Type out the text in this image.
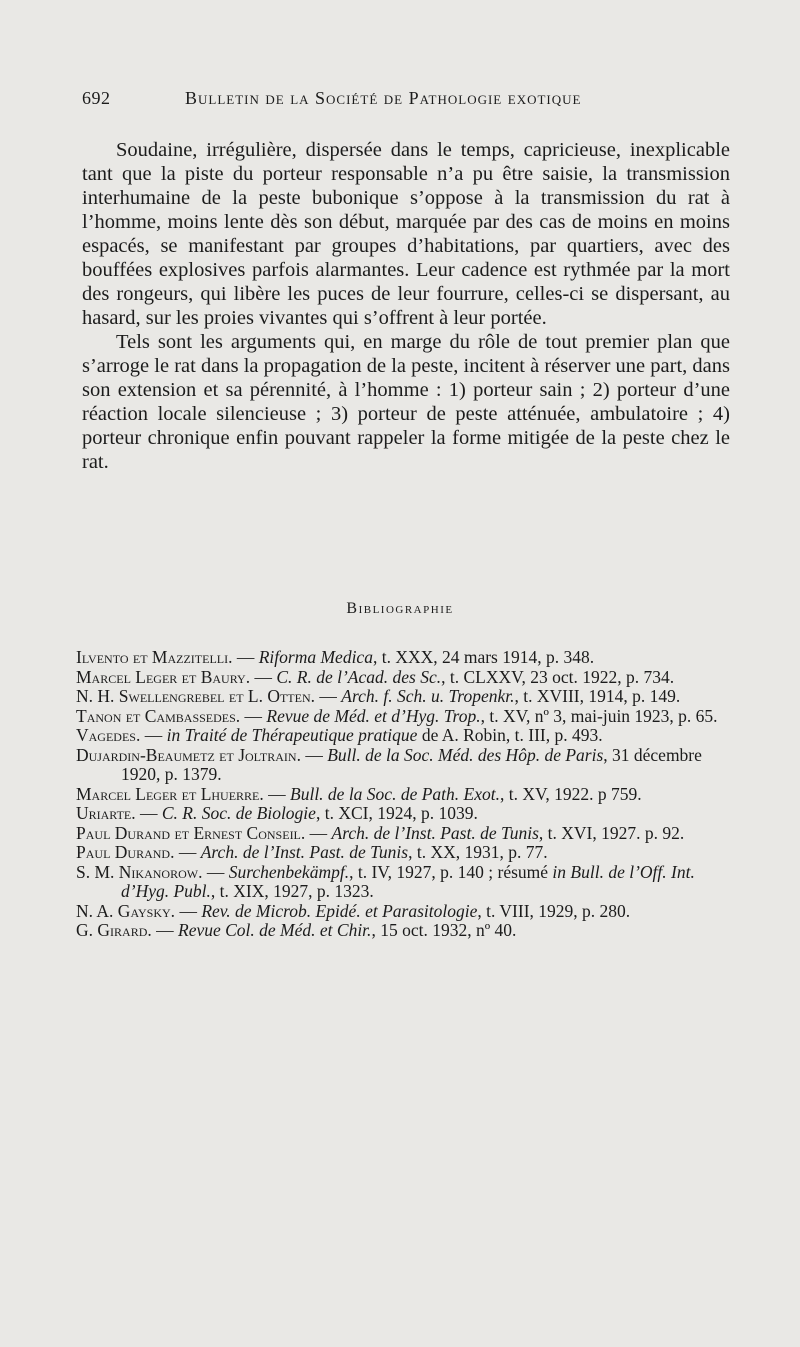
692	Bulletin de la Société de Pathologie exotique

Soudaine, irrégulière, dispersée dans le temps, capricieuse, inexplicable tant que la piste du porteur responsable n’a pu être saisie, la transmission interhumaine de la peste bubonique s’oppose à la transmission du rat à l’homme, moins lente dès son début, marquée par des cas de moins en moins espacés, se manifestant par groupes d’habitations, par quartiers, avec des bouffées explosives parfois alarmantes. Leur cadence est rythmée par la mort des rongeurs, qui libère les puces de leur fourrure, celles-ci se dispersant, au hasard, sur les proies vivantes qui s’offrent à leur portée.

Tels sont les arguments qui, en marge du rôle de tout premier plan que s’arroge le rat dans la propagation de la peste, incitent à réserver une part, dans son extension et sa pérennité, à l’homme : 1) porteur sain ; 2) porteur d’une réaction locale silencieuse ; 3) porteur de peste atténuée, ambulatoire ; 4) porteur chronique enfin pouvant rappeler la forme mitigée de la peste chez le rat.

Bibliographie

Ilvento et Mazzitelli. — Riforma Medica, t. XXX, 24 mars 1914, p. 348.

Marcel Leger et Baury. — C. R. de l’Acad. des Sc., t. CLXXV, 23 oct. 1922, p. 734.

N. H. Swellengrebel et L. Otten. — Arch. f. Sch. u. Tropenkr., t. XVIII, 1914, p. 149.

Tanon et Cambassedes. — Revue de Méd. et d’Hyg. Trop., t. XV, nº 3, mai-juin 1923, p. 65.

Vagedes. — in Traité de Thérapeutique pratique de A. Robin, t. III, p. 493.

Dujardin-Beaumetz et Joltrain. — Bull. de la Soc. Méd. des Hôp. de Paris, 31 décembre 1920, p. 1379.

Marcel Leger et Lhuerre. — Bull. de la Soc. de Path. Exot., t. XV, 1922. p 759.

Uriarte. — C. R. Soc. de Biologie, t. XCI, 1924, p. 1039.

Paul Durand et Ernest Conseil. — Arch. de l’Inst. Past. de Tunis, t. XVI, 1927. p. 92.

Paul Durand. — Arch. de l’Inst. Past. de Tunis, t. XX, 1931, p. 77.

S. M. Nikanorow. — Surchenbekämpf., t. IV, 1927, p. 140 ; résumé in Bull. de l’Off. Int. d’Hyg. Publ., t. XIX, 1927, p. 1323.

N. A. Gaysky. — Rev. de Microb. Epidé. et Parasitologie, t. VIII, 1929, p. 280.

G. Girard. — Revue Col. de Méd. et Chir., 15 oct. 1932, nº 40.
